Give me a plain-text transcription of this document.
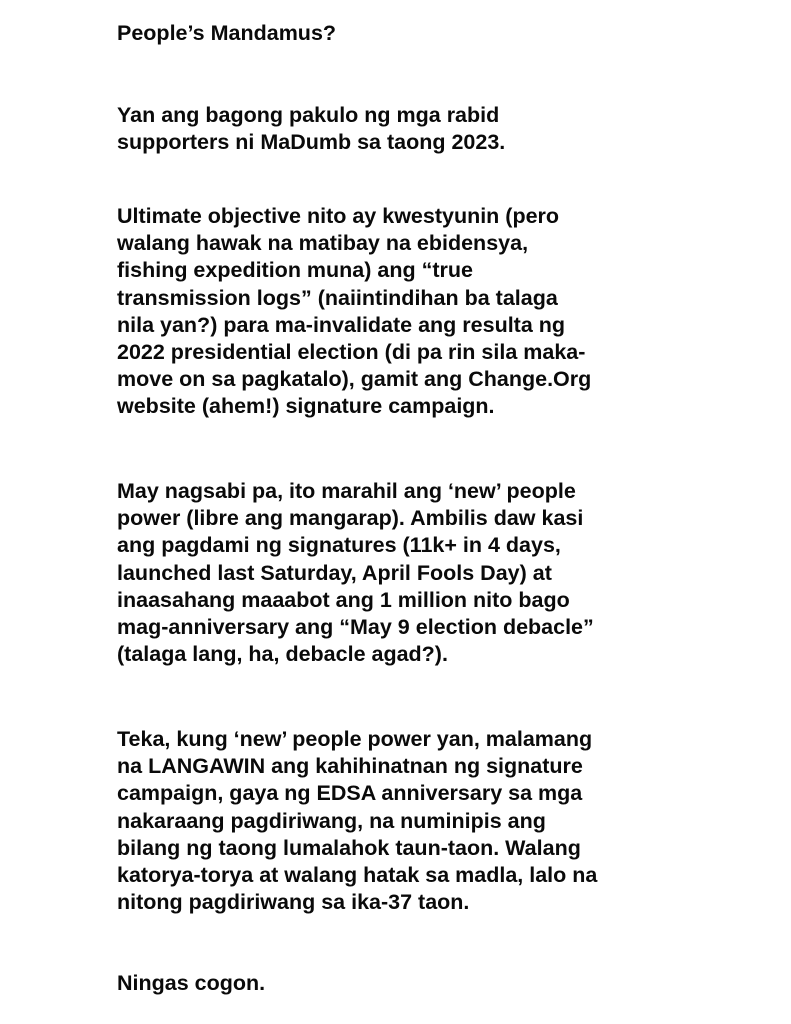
People’s Mandamus?

Yan ang bagong pakulo ng mga rabid
supporters ni MaDumb sa taong 2023.

Ultimate objective nito ay kwestyunin (pero
walang hawak na matibay na ebidensya,
fishing expedition muna) ang “true
transmission logs” (naiintindihan ba talaga
nila yan?) para ma-invalidate ang resulta ng
2022 presidential election (di pa rin sila maka-
move on sa pagkatalo), gamit ang Change.Org
website (ahem!) signature campaign.

May nagsabi pa, ito marahil ang ‘new’ people
power (libre ang mangarap). Ambilis daw kasi
ang pagdami ng signatures (11k+ in 4 days,
launched last Saturday, April Fools Day) at
inaasahang maaabot ang 1 million nito bago
mag-anniversary ang “May 9 election debacle”
(talaga lang, ha, debacle agad?).

Teka, kung ‘new’ people power yan, malamang
na LANGAWIN ang kahihinatnan ng signature
campaign, gaya ng EDSA anniversary sa mga
nakaraang pagdiriwang, na numinipis ang
bilang ng taong lumalahok taun-taon. Walang
katorya-torya at walang hatak sa madla, lalo na
nitong pagdiriwang sa ika-37 taon.

Ningas cogon.
